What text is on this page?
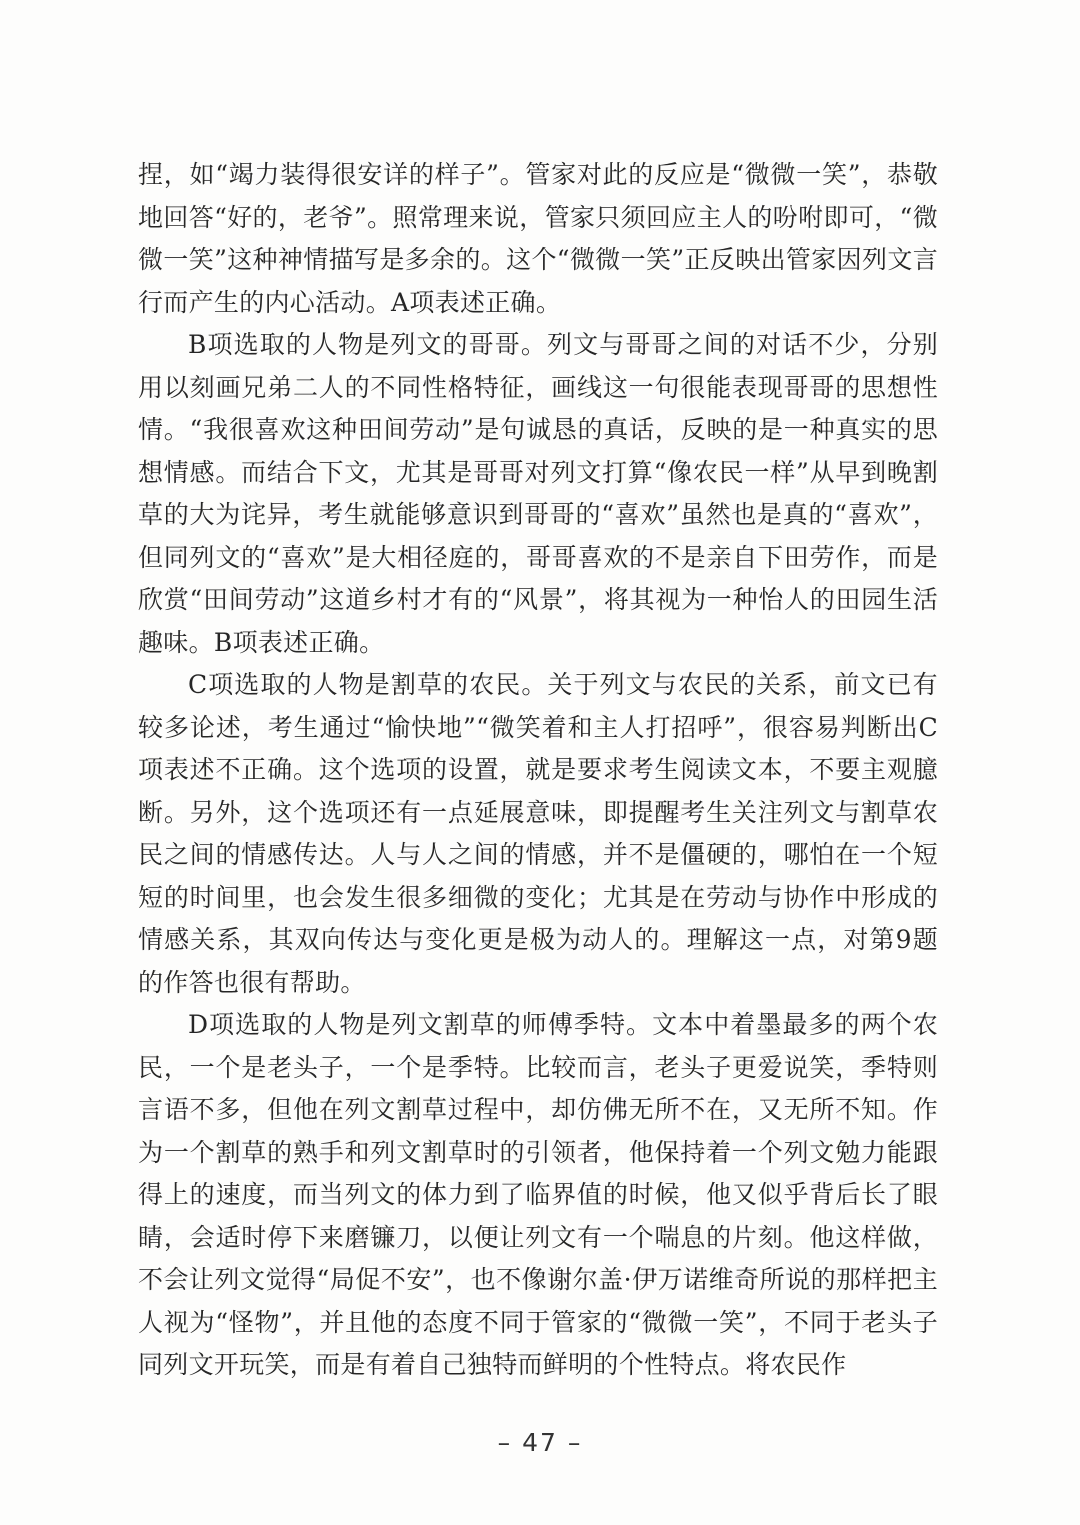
捏，如“竭力装得很安详的样子”。管家对此的反应是“微微一笑”，恭敬地回答“好的，老爷”。照常理来说，管家只须回应主人的吩咐即可，“微微一笑”这种神情描写是多余的。这个“微微一笑”正反映出管家因列文言行而产生的内心活动。A项表述正确。

B项选取的人物是列文的哥哥。列文与哥哥之间的对话不少，分别用以刻画兄弟二人的不同性格特征，画线这一句很能表现哥哥的思想性情。“我很喜欢这种田间劳动”是句诚恳的真话，反映的是一种真实的思想情感。而结合下文，尤其是哥哥对列文打算“像农民一样”从早到晚割草的大为诧异，考生就能够意识到哥哥的“喜欢”虽然也是真的“喜欢”，但同列文的“喜欢”是大相径庭的，哥哥喜欢的不是亲自下田劳作，而是欣赏“田间劳动”这道乡村才有的“风景”，将其视为一种怡人的田园生活趣味。B项表述正确。

C项选取的人物是割草的农民。关于列文与农民的关系，前文已有较多论述，考生通过“愉快地”“微笑着和主人打招呼”，很容易判断出C项表述不正确。这个选项的设置，就是要求考生阅读文本，不要主观臆断。另外，这个选项还有一点延展意味，即提醒考生关注列文与割草农民之间的情感传达。人与人之间的情感，并不是僵硬的，哪怕在一个短短的时间里，也会发生很多细微的变化；尤其是在劳动与协作中形成的情感关系，其双向传达与变化更是极为动人的。理解这一点，对第9题的作答也很有帮助。

D项选取的人物是列文割草的师傅季特。文本中着墨最多的两个农民，一个是老头子，一个是季特。比较而言，老头子更爱说笑，季特则言语不多，但他在列文割草过程中，却仿佛无所不在，又无所不知。作为一个割草的熟手和列文割草时的引领者，他保持着一个列文勉力能跟得上的速度，而当列文的体力到了临界值的时候，他又似乎背后长了眼睛，会适时停下来磨镰刀，以便让列文有一个喘息的片刻。他这样做，不会让列文觉得“局促不安”，也不像谢尔盖·伊万诺维奇所说的那样把主人视为“怪物”，并且他的态度不同于管家的“微微一笑”，不同于老头子同列文开玩笑，而是有着自己独特而鲜明的个性特点。将农民作

– 47 –
